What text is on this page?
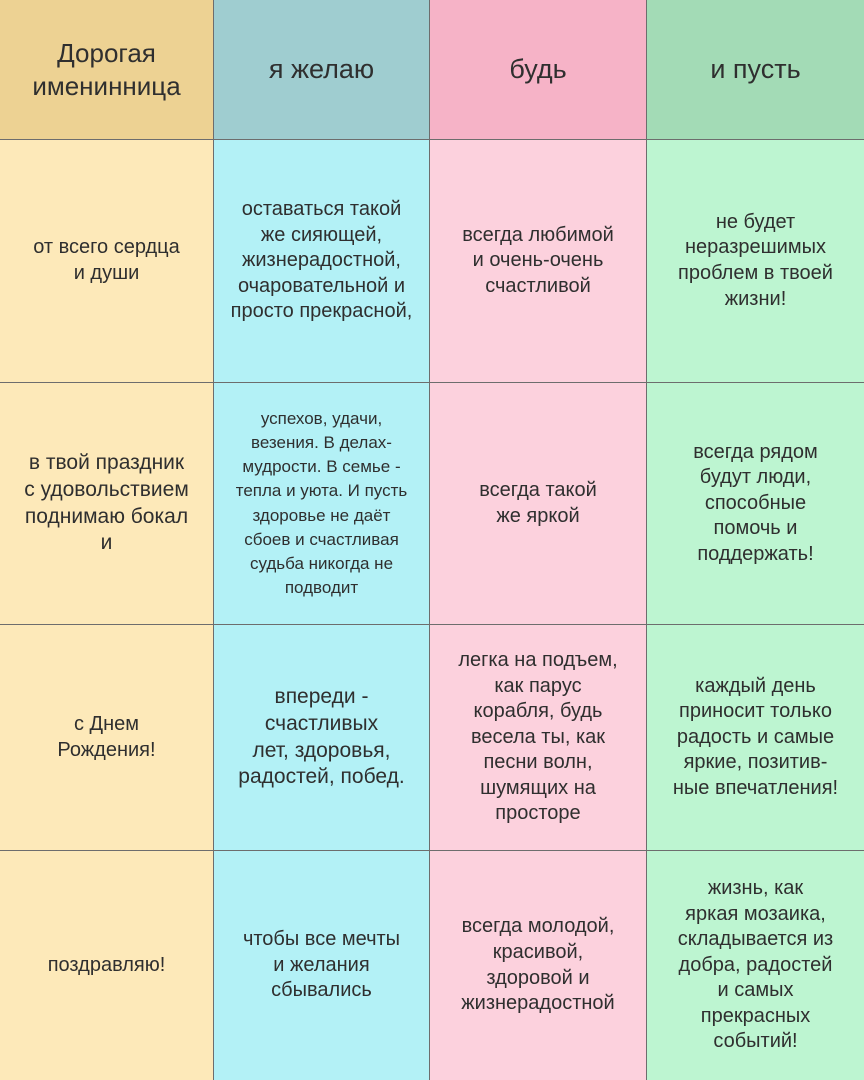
Дорогая
именинница
я желаю	будь	и пусть
от всего сердца
и души
оставаться такой
же сияющей,
жизнерадостной,
очаровательной и
просто прекрасной,
всегда любимой
и очень-очень
счастливой
не будет
неразрешимых
проблем в твоей
жизни!
в твой праздник
с удовольствием
поднимаю бокал
и
успехов, удачи,
везения. В делах-
мудрости. В семье -
тепла и уюта. И пусть
здоровье не даёт
сбоев и счастливая
судьба никогда не
подводит
всегда такой
же яркой
всегда рядом
будут люди,
способные
помочь и
поддержать!
с Днем
Рождения!
впереди -
счастливых
лет, здоровья,
радостей, побед.
легка на подъем,
как парус
корабля, будь
весела ты, как
песни волн,
шумящих на
просторе
каждый день
приносит только
радость и самые
яркие, позитив-
ные впечатления!
поздравляю!
чтобы все мечты
и желания
сбывались
всегда молодой,
красивой,
здоровой и
жизнерадостной
жизнь, как
яркая мозаика,
складывается из
добра, радостей
и самых
прекрасных
событий!
